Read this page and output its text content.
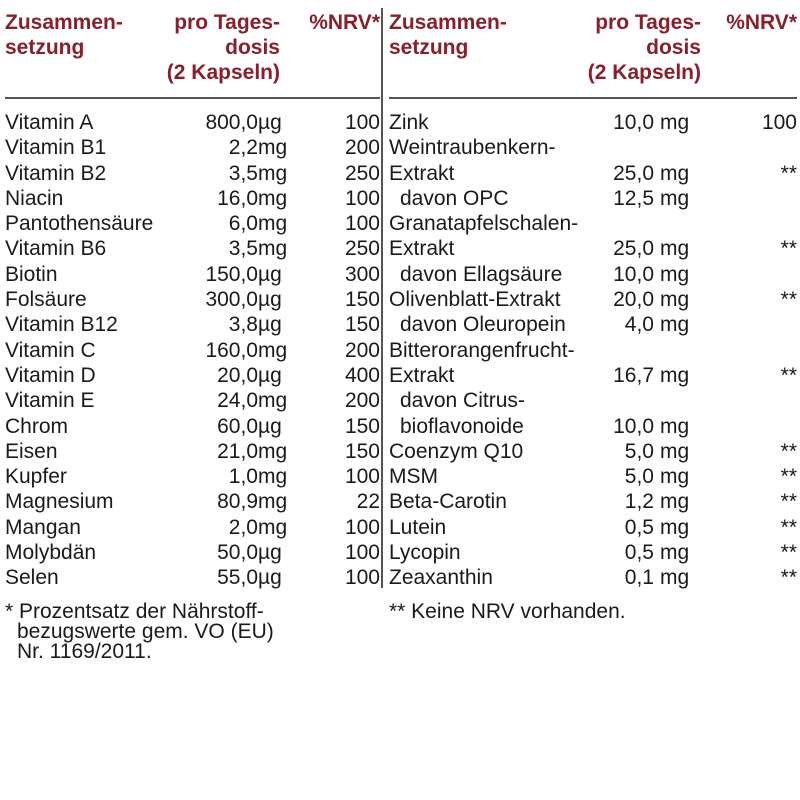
Zusammen-
setzung
pro Tages-
dosis
(2 Kapseln)
%NRV*
Vitamin A	800,0 µg	100
Vitamin B1	2,2 mg	200
Vitamin B2	3,5 mg	250
Niacin	16,0 mg	100
Pantothensäure	6,0 mg	100
Vitamin B6	3,5 mg	250
Biotin	150,0 µg	300
Folsäure	300,0 µg	150
Vitamin B12	3,8 µg	150
Vitamin C	160,0 mg	200
Vitamin D	20,0 µg	400
Vitamin E	24,0 mg	200
Chrom	60,0 µg	150
Eisen	21,0 mg	150
Kupfer	1,0 mg	100
Magnesium	80,9 mg	22
Mangan	2,0 mg	100
Molybdän	50,0 µg	100
Selen	55,0 µg	100
Zusammen-
setzung
pro Tages-
dosis
(2 Kapseln)
%NRV*
Zink	10,0 mg	100
Weintraubenkern-
Extrakt	25,0 mg	**
davon OPC	12,5 mg
Granatapfelschalen-
Extrakt	25,0 mg	**
davon Ellagsäure 10,0 mg
Olivenblatt-Extrakt	20,0 mg	**
davon Oleuropein	4,0 mg
Bitterorangenfrucht-
Extrakt	16,7 mg	**
davon Citrus-
bioflavonoide	10,0 mg
Coenzym Q10	5,0 mg	**
MSM	5,0 mg	**
Beta-Carotin	1,2 mg	**
Lutein	0,5 mg	**
Lycopin	0,5 mg	**
Zeaxanthin	0,1 mg	**
* Prozentsatz der Nährstoff-
bezugswerte gem. VO (EU)
Nr. 1169/2011.
** Keine NRV vorhanden.
